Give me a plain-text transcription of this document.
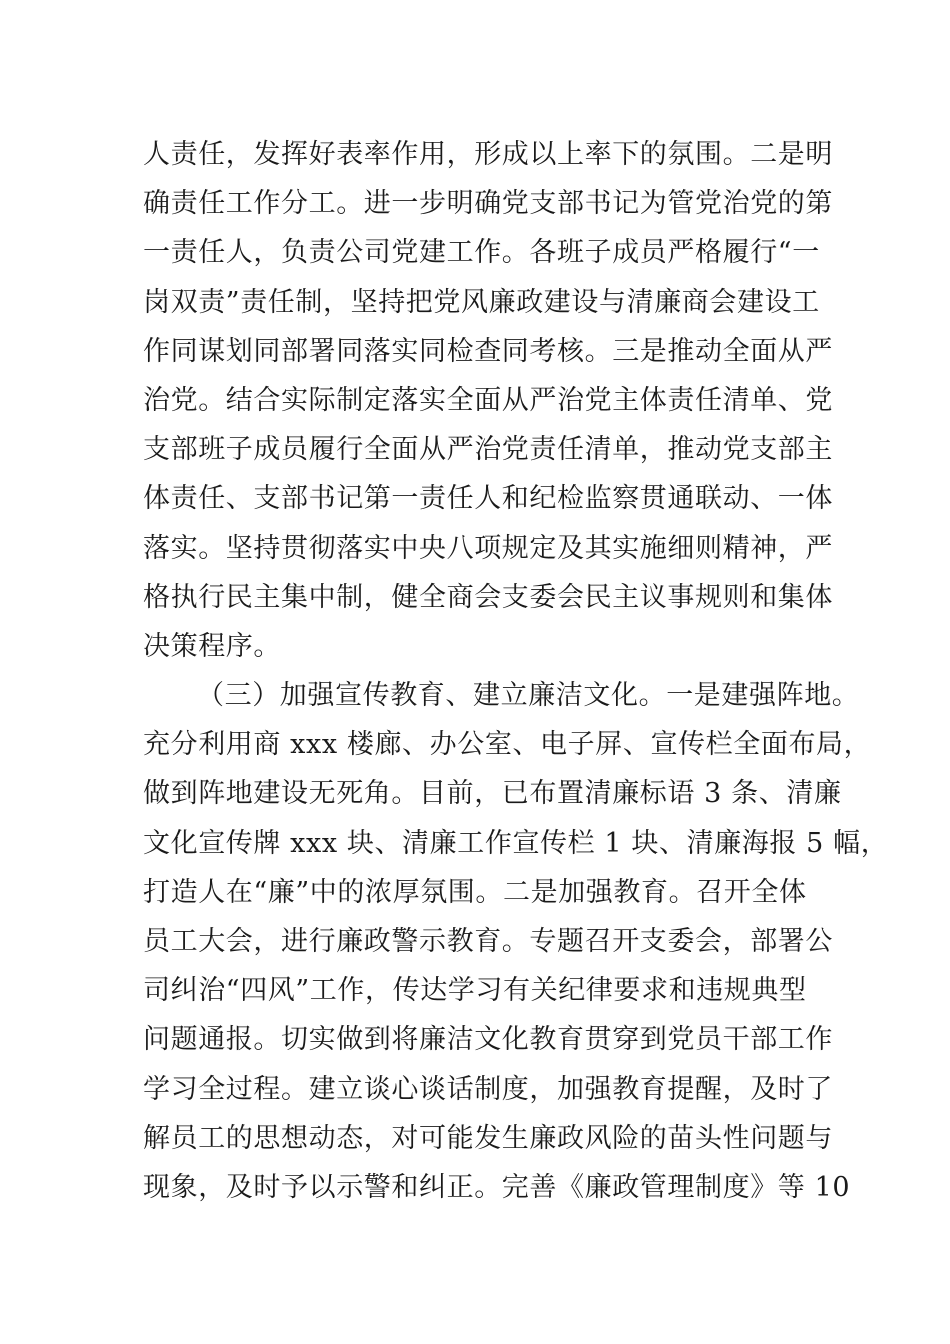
人责任，发挥好表率作用，形成以上率下的氛围。二是明
确责任工作分工。进一步明确党支部书记为管党治党的第
一责任人，负责公司党建工作。各班子成员严格履行“一
岗双责”责任制，坚持把党风廉政建设与清廉商会建设工
作同谋划同部署同落实同检查同考核。三是推动全面从严
治党。结合实际制定落实全面从严治党主体责任清单、党
支部班子成员履行全面从严治党责任清单，推动党支部主
体责任、支部书记第一责任人和纪检监察贯通联动、一体
落实。坚持贯彻落实中央八项规定及其实施细则精神，严
格执行民主集中制，健全商会支委会民主议事规则和集体
决策程序。
（三）加强宣传教育、建立廉洁文化。一是建强阵地。
充分利用商 xxx 楼廊、办公室、电子屏、宣传栏全面布局，
做到阵地建设无死角。目前，已布置清廉标语 3 条、清廉
文化宣传牌 xxx 块、清廉工作宣传栏 1 块、清廉海报 5 幅，
打造人在“廉”中的浓厚氛围。二是加强教育。召开全体
员工大会，进行廉政警示教育。专题召开支委会，部署公
司纠治“四风”工作，传达学习有关纪律要求和违规典型
问题通报。切实做到将廉洁文化教育贯穿到党员干部工作
学习全过程。建立谈心谈话制度，加强教育提醒，及时了
解员工的思想动态，对可能发生廉政风险的苗头性问题与
现象，及时予以示警和纠正。完善《廉政管理制度》等 10
